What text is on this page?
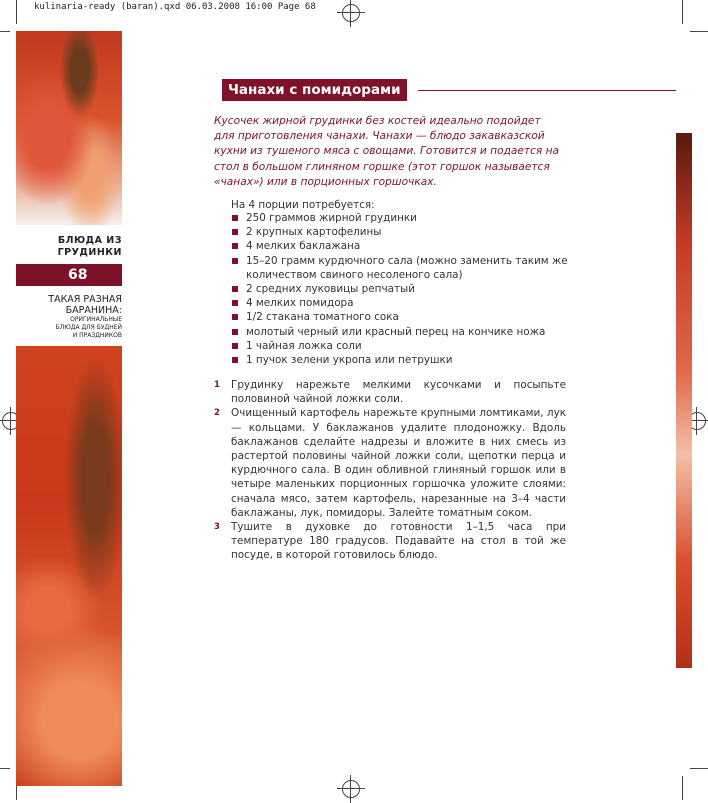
kulinaria-ready (baran).qxd 06.03.2008 16:00 Page 68
БЛЮДА ИЗ
ГРУДИНКИ
68
ТАКАЯ РАЗНАЯ
БАРАНИНА:
ОРИГИНАЛЬНЫЕ
БЛЮДА ДЛЯ БУДНЕЙ
И ПРАЗДНИКОВ
Чанахи с помидорами
Кусочек жирной грудинки без костей идеально подойдет для приготовления чанахи. Чанахи — блюдо закавказской кухни из тушеного мяса с овощами. Готовится и подается на стол в большом глиняном горшке (этот горшок называется «чанах») или в порционных горшочках.
На 4 порции потребуется:
250 граммов жирной грудинки
2 крупных картофелины
4 мелких баклажана
15–20 грамм курдючного сала (можно заменить таким же количеством свиного несоленого сала)
2 средних луковицы репчатый
4 мелких помидора
1/2 стакана томатного сока
молотый черный или красный перец на кончике ножа
1 чайная ложка соли
1 пучок зелени укропа или петрушки
1 Грудинку нарежьте мелкими кусочками и посыпьте половиной чайной ложки соли.
2 Очищенный картофель нарежьте крупными ломтиками, лук — кольцами. У баклажанов удалите плодоножку. Вдоль баклажанов сделайте надрезы и вложите в них смесь из растертой половины чайной ложки соли, щепотки перца и курдючного сала. В один обливной глиняный горшок или в четыре маленьких порционных горшочка уложите слоями: сначала мясо, затем картофель, нарезанные на 3–4 части баклажаны, лук, помидоры. Залейте томатным соком.
3 Тушите в духовке до готовности 1–1,5 часа при температуре 180 градусов. Подавайте на стол в той же посуде, в которой готовилось блюдо.
